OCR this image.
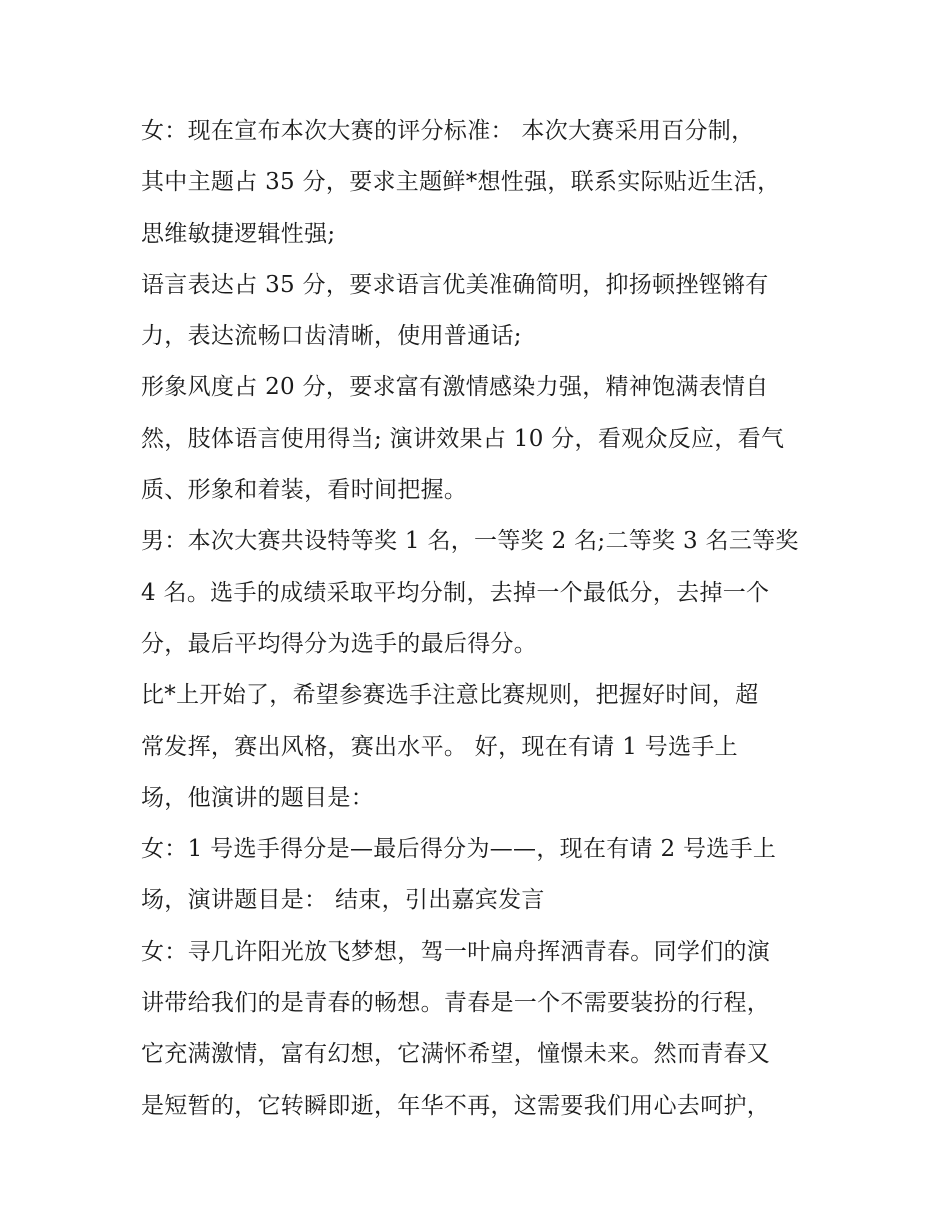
女：现在宣布本次大赛的评分标准： 本次大赛采用百分制，
其中主题占 35 分，要求主题鲜*想性强，联系实际贴近生活，
思维敏捷逻辑性强;
语言表达占 35 分，要求语言优美准确简明，抑扬顿挫铿锵有
力，表达流畅口齿清晰，使用普通话;
形象风度占 20 分，要求富有激情感染力强，精神饱满表情自
然，肢体语言使用得当; 演讲效果占 10 分，看观众反应，看气
质、形象和着装，看时间把握。
男：本次大赛共设特等奖 1 名，一等奖 2 名;二等奖 3 名三等奖
4 名。选手的成绩采取平均分制，去掉一个最低分，去掉一个
分，最后平均得分为选手的最后得分。
比*上开始了，希望参赛选手注意比赛规则，把握好时间，超
常发挥，赛出风格，赛出水平。 好，现在有请 1 号选手上
场，他演讲的题目是：
女：1 号选手得分是—最后得分为——，现在有请 2 号选手上
场，演讲题目是： 结束，引出嘉宾发言
女：寻几许阳光放飞梦想，驾一叶扁舟挥洒青春。同学们的演
讲带给我们的是青春的畅想。青春是一个不需要装扮的行程，
它充满激情，富有幻想，它满怀希望，憧憬未来。然而青春又
是短暂的，它转瞬即逝，年华不再，这需要我们用心去呵护，
